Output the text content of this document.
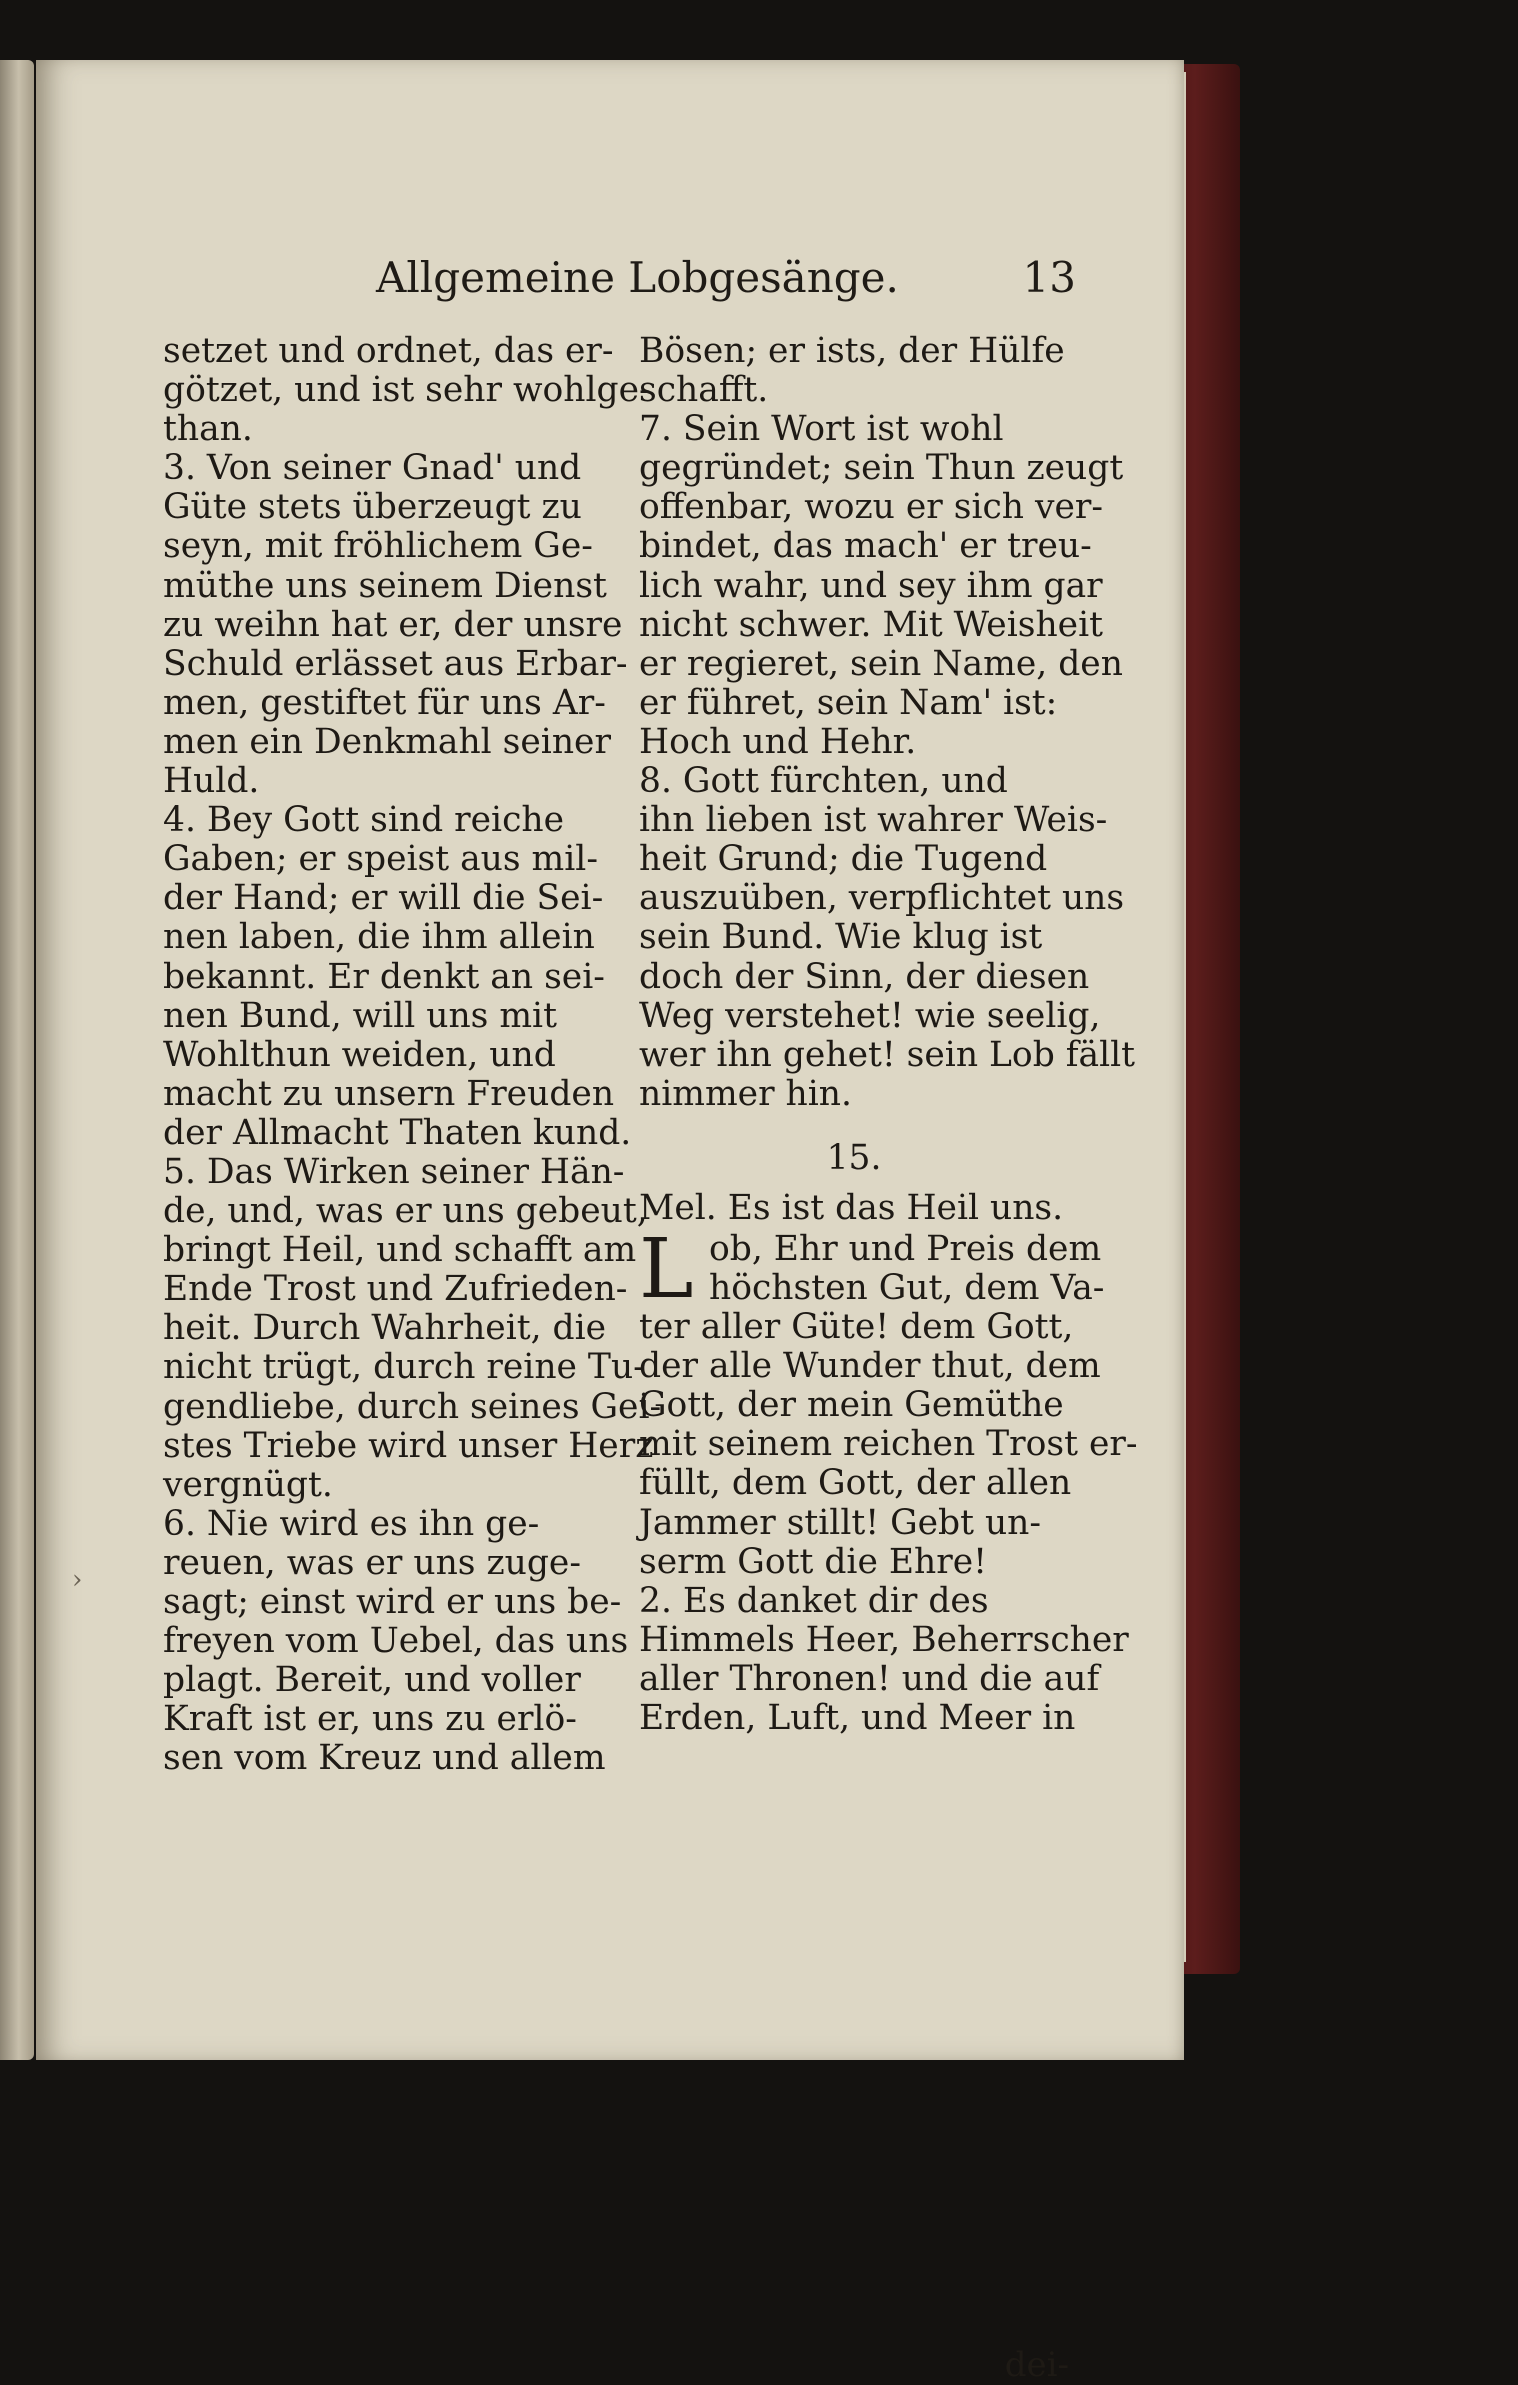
Allgemeine Lobgesänge.	13
›
setzet und ordnet, das er-
götzet, und ist sehr wohlge-
than.
3. Von seiner Gnad' und
Güte stets überzeugt zu
seyn, mit fröhlichem Ge-
müthe uns seinem Dienst
zu weihn hat er, der unsre
Schuld erlässet aus Erbar-
men, gestiftet für uns Ar-
men ein Denkmahl seiner
Huld.
4. Bey Gott sind reiche
Gaben; er speist aus mil-
der Hand; er will die Sei-
nen laben, die ihm allein
bekannt. Er denkt an sei-
nen Bund, will uns mit
Wohlthun weiden, und
macht zu unsern Freuden
der Allmacht Thaten kund.
5. Das Wirken seiner Hän-
de, und, was er uns gebeut,
bringt Heil, und schafft am
Ende Trost und Zufrieden-
heit. Durch Wahrheit, die
nicht trügt, durch reine Tu-
gendliebe, durch seines Gei-
stes Triebe wird unser Herz
vergnügt.
6. Nie wird es ihn ge-
reuen, was er uns zuge-
sagt; einst wird er uns be-
freyen vom Uebel, das uns
plagt. Bereit, und voller
Kraft ist er, uns zu erlö-
sen vom Kreuz und allem
Bösen; er ists, der Hülfe
schafft.
7. Sein Wort ist wohl
gegründet; sein Thun zeugt
offenbar, wozu er sich ver-
bindet, das mach' er treu-
lich wahr, und sey ihm gar
nicht schwer. Mit Weisheit
er regieret, sein Name, den
er führet, sein Nam' ist:
Hoch und Hehr.
8. Gott fürchten, und
ihn lieben ist wahrer Weis-
heit Grund; die Tugend
auszuüben, verpflichtet uns
sein Bund. Wie klug ist
doch der Sinn, der diesen
Weg verstehet! wie seelig,
wer ihn gehet! sein Lob fällt
nimmer hin.
15.
Mel. Es ist das Heil uns.
L ob, Ehr und Preis dem
höchsten Gut, dem Va-
ter aller Güte! dem Gott,
der alle Wunder thut, dem
Gott, der mein Gemüthe
mit seinem reichen Trost er-
füllt, dem Gott, der allen
Jammer stillt! Gebt un-
serm Gott die Ehre!
2. Es danket dir des
Himmels Heer, Beherrscher
aller Thronen! und die auf
Erden, Luft, und Meer in
dei-
